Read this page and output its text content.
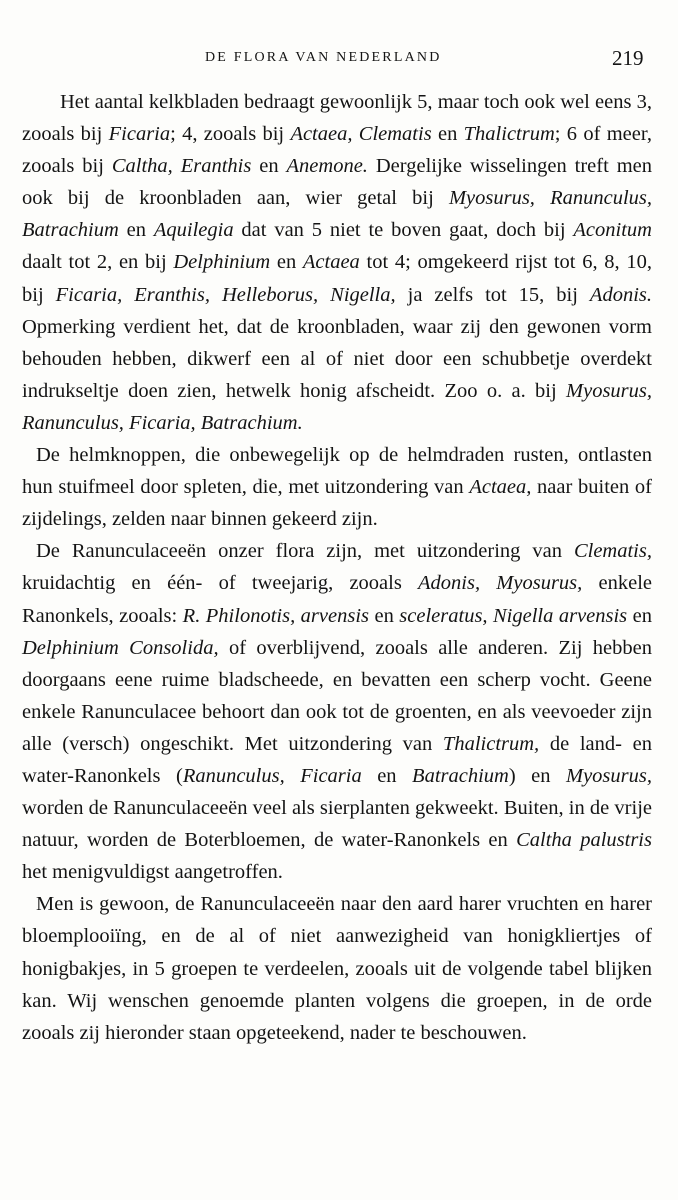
DE FLORA VAN NEDERLAND	219

Het aantal kelkbladen bedraagt gewoonlijk 5, maar toch ook wel eens 3, zooals bij Ficaria; 4, zooals bij Actaea, Clematis en Thalictrum; 6 of meer, zooals bij Caltha, Eranthis en Anemone. Dergelijke wisselingen treft men ook bij de kroonbladen aan, wier getal bij Myosurus, Ranunculus, Batrachium en Aquilegia dat van 5 niet te boven gaat, doch bij Aconitum daalt tot 2, en bij Delphinium en Actaea tot 4; omgekeerd rijst tot 6, 8, 10, bij Ficaria, Eranthis, Helleborus, Nigella, ja zelfs tot 15, bij Adonis. Opmerking verdient het, dat de kroonbladen, waar zij den gewonen vorm behouden hebben, dikwerf een al of niet door een schubbetje overdekt indrukseltje doen zien, hetwelk honig afscheidt. Zoo o. a. bij Myosurus, Ranunculus, Ficaria, Batrachium.

De helmknoppen, die onbewegelijk op de helmdraden rusten, ontlasten hun stuifmeel door spleten, die, met uitzondering van Actaea, naar buiten of zijdelings, zelden naar binnen gekeerd zijn.

De Ranunculaceeën onzer flora zijn, met uitzondering van Clematis, kruidachtig en één- of tweejarig, zooals Adonis, Myosurus, enkele Ranonkels, zooals: R. Philonotis, arvensis en sceleratus, Nigella arvensis en Delphinium Consolida, of overblijvend, zooals alle anderen. Zij hebben doorgaans eene ruime bladscheede, en bevatten een scherp vocht. Geene enkele Ranunculacee behoort dan ook tot de groenten, en als veevoeder zijn alle (versch) ongeschikt. Met uitzondering van Thalictrum, de land- en water-Ranonkels (Ranunculus, Ficaria en Batrachium) en Myosurus, worden de Ranunculaceeën veel als sierplanten gekweekt. Buiten, in de vrije natuur, worden de Boterbloemen, de water-Ranonkels en Caltha palustris het menigvuldigst aangetroffen.

Men is gewoon, de Ranunculaceeën naar den aard harer vruchten en harer bloemplooiïng, en de al of niet aanwezigheid van honigkliertjes of honigbakjes, in 5 groepen te verdeelen, zooals uit de volgende tabel blijken kan. Wij wenschen genoemde planten volgens die groepen, in de orde zooals zij hieronder staan opgeteekend, nader te beschouwen.
